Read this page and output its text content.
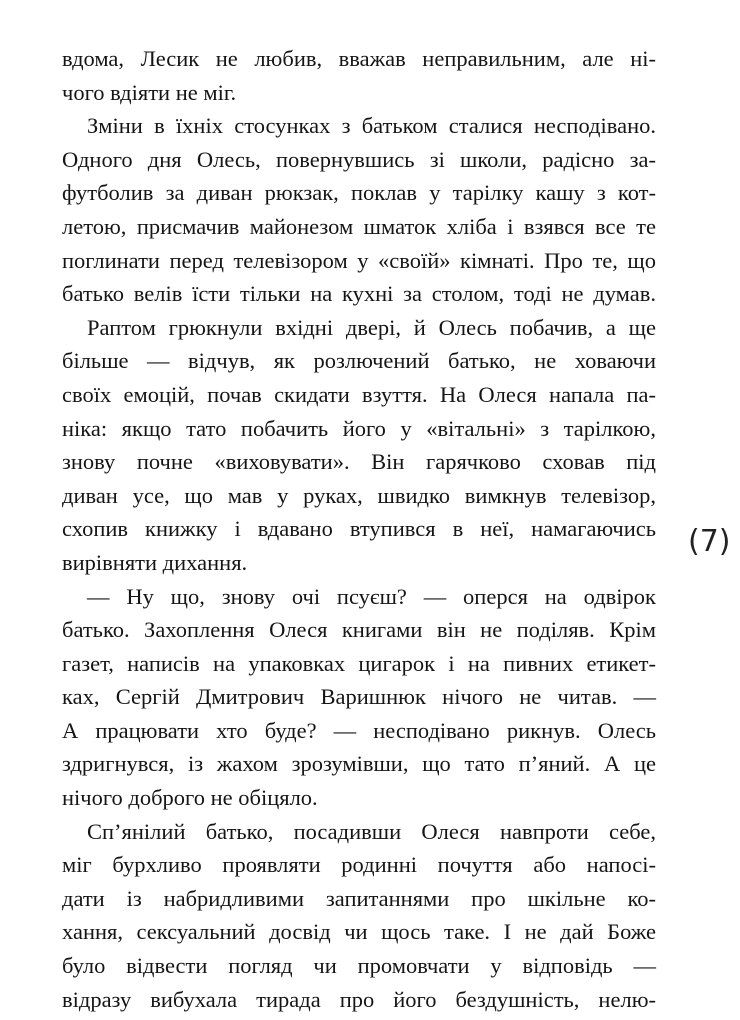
вдома, Лесик не любив, вважав неправильним, але ні-
чого вдіяти не міг.
Зміни в їхніх стосунках з батьком сталися несподівано.
Одного дня Олесь, повернувшись зі школи, радісно за-
футболив за диван рюкзак, поклав у тарілку кашу з кот-
летою, присмачив майонезом шматок хліба і взявся все те
поглинати перед телевізором у «своїй» кімнаті. Про те, що
батько велів їсти тільки на кухні за столом, тоді не думав.
Раптом грюкнули вхідні двері, й Олесь побачив, а ще
більше — відчув, як розлючений батько, не ховаючи
своїх емоцій, почав скидати взуття. На Олеся напала па-
ніка: якщо тато побачить його у «вітальні» з тарілкою,
знову почне «виховувати». Він гарячково сховав під
диван усе, що мав у руках, швидко вимкнув телевізор,
схопив книжку і вдавано втупився в неї, намагаючись
вирівняти дихання.
— Ну що, знову очі псуєш? — оперся на одвірок
батько. Захоплення Олеся книгами він не поділяв. Крім
газет, написів на упаковках цигарок і на пивних етикет-
ках, Сергій Дмитрович Варишнюк нічого не читав. —
А працювати хто буде? — несподівано рикнув. Олесь
здригнувся, із жахом зрозумівши, що тато п’яний. А це
нічого доброго не обіцяло.
Сп’янілий батько, посадивши Олеся навпроти себе,
міг бурхливо проявляти родинні почуття або напосі-
дати із набридливими запитаннями про шкільне ко-
хання, сексуальний досвід чи щось таке. І не дай Боже
було відвести погляд чи промовчати у відповідь —
відразу вибухала тирада про його бездушність, нелю-
(7)
